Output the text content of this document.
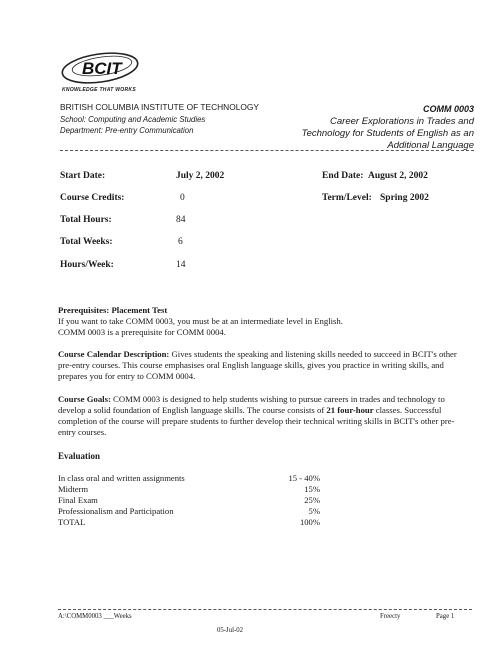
BCIT
KNOWLEDGE THAT WORKS
BRITISH COLUMBIA INSTITUTE OF TECHNOLOGY
School: Computing and Academic Studies
Department: Pre-entry Communication
COMM 0003
Career Explorations in Trades and
Technology for Students of English as an
Additional Language
Start Date:	July 2, 2002	End Date: August 2, 2002
Course Credits:	0	Term/Level: Spring 2002
Total Hours:	84
Total Weeks:	6
Hours/Week:	14

Prerequisites: Placement Test

If you want to take COMM 0003, you must be at an intermediate level in English.

COMM 0003 is a prerequisite for COMM 0004.

Course Calendar Description: Gives students the speaking and listening skills needed to succeed in BCIT's other pre-entry courses. This course emphasises oral English language skills, gives you practice in writing skills, and prepares you for entry to COMM 0004.

Course Goals: COMM 0003 is designed to help students wishing to pursue careers in trades and technology to develop a solid foundation of English language skills. The course consists of 21 four-hour classes. Successful completion of the course will prepare students to further develop their technical writing skills in BCIT's other pre-entry courses.

Evaluation
In class oral and written assignments	15 - 40%
Midterm	15%
Final Exam	25%
Professionalism and Participation	5%
TOTAL	100%
A:\COMM0003 ___Weeks	Freecty	Page 1
05-Jul-02
